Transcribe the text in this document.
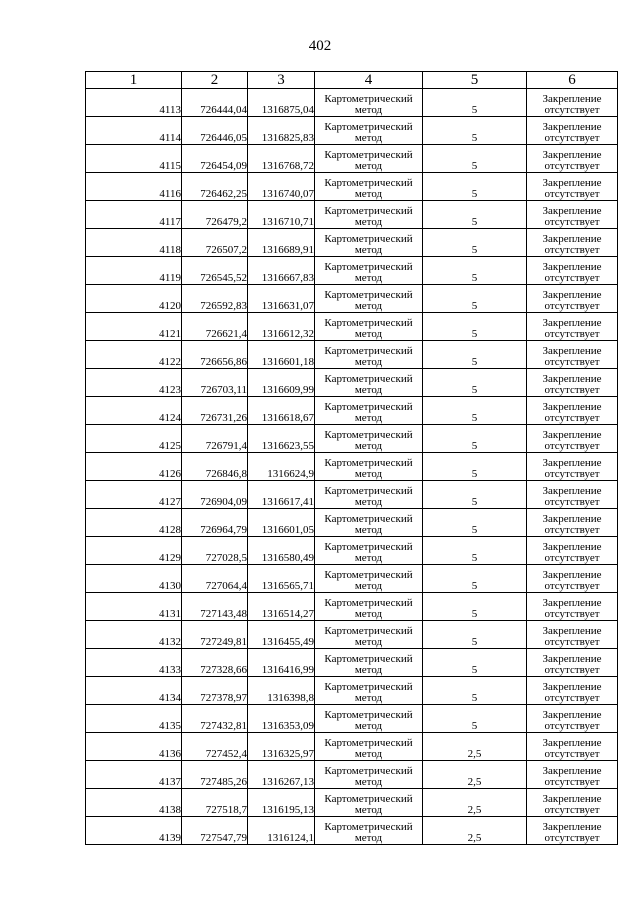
402
1	2	3	4	5	6
4113	726444,04	1316875,04	Картометрический метод	5	Закрепление отсутствует
4114	726446,05	1316825,83	Картометрический метод	5	Закрепление отсутствует
4115	726454,09	1316768,72	Картометрический метод	5	Закрепление отсутствует
4116	726462,25	1316740,07	Картометрический метод	5	Закрепление отсутствует
4117	726479,2	1316710,71	Картометрический метод	5	Закрепление отсутствует
4118	726507,2	1316689,91	Картометрический метод	5	Закрепление отсутствует
4119	726545,52	1316667,83	Картометрический метод	5	Закрепление отсутствует
4120	726592,83	1316631,07	Картометрический метод	5	Закрепление отсутствует
4121	726621,4	1316612,32	Картометрический метод	5	Закрепление отсутствует
4122	726656,86	1316601,18	Картометрический метод	5	Закрепление отсутствует
4123	726703,11	1316609,99	Картометрический метод	5	Закрепление отсутствует
4124	726731,26	1316618,67	Картометрический метод	5	Закрепление отсутствует
4125	726791,4	1316623,55	Картометрический метод	5	Закрепление отсутствует
4126	726846,8	1316624,9	Картометрический метод	5	Закрепление отсутствует
4127	726904,09	1316617,41	Картометрический метод	5	Закрепление отсутствует
4128	726964,79	1316601,05	Картометрический метод	5	Закрепление отсутствует
4129	727028,5	1316580,49	Картометрический метод	5	Закрепление отсутствует
4130	727064,4	1316565,71	Картометрический метод	5	Закрепление отсутствует
4131	727143,48	1316514,27	Картометрический метод	5	Закрепление отсутствует
4132	727249,81	1316455,49	Картометрический метод	5	Закрепление отсутствует
4133	727328,66	1316416,99	Картометрический метод	5	Закрепление отсутствует
4134	727378,97	1316398,8	Картометрический метод	5	Закрепление отсутствует
4135	727432,81	1316353,09	Картометрический метод	5	Закрепление отсутствует
4136	727452,4	1316325,97	Картометрический метод	2,5	Закрепление отсутствует
4137	727485,26	1316267,13	Картометрический метод	2,5	Закрепление отсутствует
4138	727518,7	1316195,13	Картометрический метод	2,5	Закрепление отсутствует
4139	727547,79	1316124,1	Картометрический метод	2,5	Закрепление отсутствует
